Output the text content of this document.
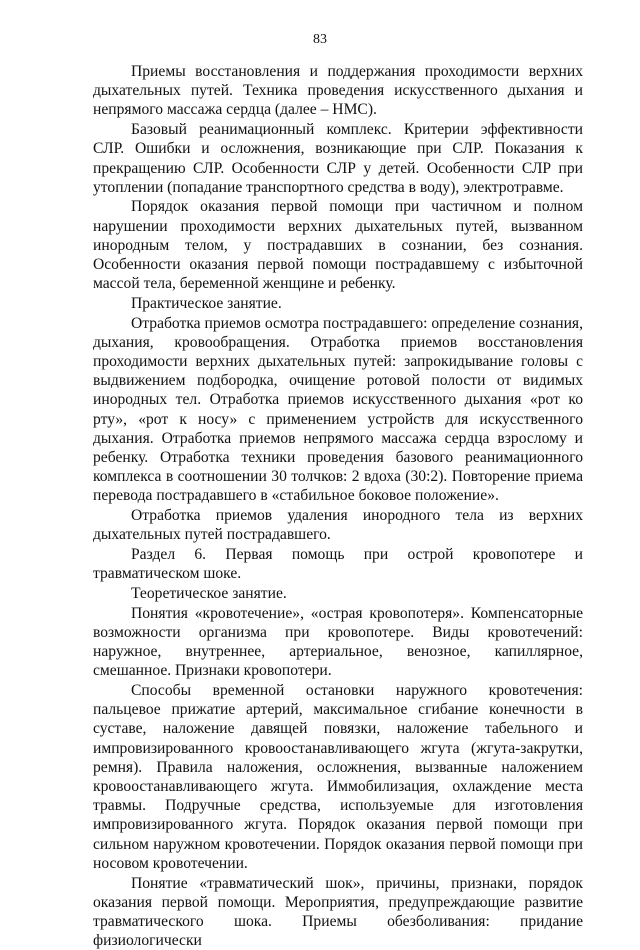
83

Приемы восстановления и поддержания проходимости верхних дыхательных путей. Техника проведения искусственного дыхания и непрямого массажа сердца (далее – НМС).

Базовый реанимационный комплекс. Критерии эффективности СЛР. Ошибки и осложнения, возникающие при СЛР. Показания к прекращению СЛР. Особенности СЛР у детей. Особенности СЛР при утоплении (попадание транспортного средства в воду), электротравме.

Порядок оказания первой помощи при частичном и полном нарушении проходимости верхних дыхательных путей, вызванном инородным телом, у пострадавших в сознании, без сознания. Особенности оказания первой помощи пострадавшему с избыточной массой тела, беременной женщине и ребенку.

Практическое занятие.

Отработка приемов осмотра пострадавшего: определение сознания, дыхания, кровообращения. Отработка приемов восстановления проходимости верхних дыхательных путей: запрокидывание головы с выдвижением подбородка, очищение ротовой полости от видимых инородных тел. Отработка приемов искусственного дыхания «рот ко рту», «рот к носу» с применением устройств для искусственного дыхания. Отработка приемов непрямого массажа сердца взрослому и ребенку. Отработка техники проведения базового реанимационного комплекса в соотношении 30 толчков: 2 вдоха (30:2). Повторение приема перевода пострадавшего в «стабильное боковое положение».

Отработка приемов удаления инородного тела из верхних дыхательных путей пострадавшего.

Раздел 6. Первая помощь при острой кровопотере и травматическом шоке.

Теоретическое занятие.

Понятия «кровотечение», «острая кровопотеря». Компенсаторные возможности организма при кровопотере. Виды кровотечений: наружное, внутреннее, артериальное, венозное, капиллярное, смешанное. Признаки кровопотери.

Способы временной остановки наружного кровотечения: пальцевое прижатие артерий, максимальное сгибание конечности в суставе, наложение давящей повязки, наложение табельного и импровизированного кровоостанавливающего жгута (жгута-закрутки, ремня). Правила наложения, осложнения, вызванные наложением кровоостанавливающего жгута. Иммобилизация, охлаждение места травмы. Подручные средства, используемые для изготовления импровизированного жгута. Порядок оказания первой помощи при сильном наружном кровотечении. Порядок оказания первой помощи при носовом кровотечении.

Понятие «травматический шок», причины, признаки, порядок оказания первой помощи. Мероприятия, предупреждающие развитие травматического шока. Приемы обезболивания: придание физиологически
